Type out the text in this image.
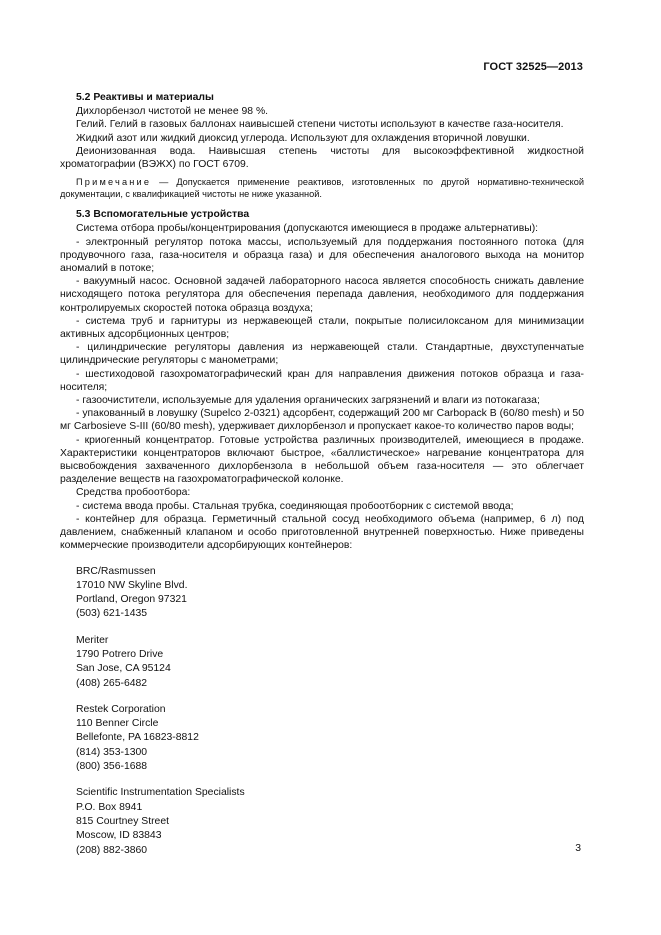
ГОСТ 32525—2013
5.2 Реактивы и материалы

Дихлорбензол чистотой не менее 98 %.

Гелий. Гелий в газовых баллонах наивысшей степени чистоты используют в качестве газа-носителя.

Жидкий азот или жидкий диоксид углерода. Используют для охлаждения вторичной ловушки.

Деионизованная вода. Наивысшая степень чистоты для высокоэффективной жидкостной хроматографии (ВЭЖХ) по ГОСТ 6709.

Примечание — Допускается применение реактивов, изготовленных по другой нормативно-технической документации, с квалификацией чистоты не ниже указанной.

5.3 Вспомогательные устройства

Система отбора пробы/концентрирования (допускаются имеющиеся в продаже альтернативы):

- электронный регулятор потока массы, используемый для поддержания постоянного потока (для продувочного газа, газа-носителя и образца газа) и для обеспечения аналогового выхода на монитор аномалий в потоке;

- вакуумный насос. Основной задачей лабораторного насоса является способность снижать давление нисходящего потока регулятора для обеспечения перепада давления, необходимого для поддержания контролируемых скоростей потока образца воздуха;

- система труб и гарнитуры из нержавеющей стали, покрытые полисилоксаном для минимизации активных адсорбционных центров;

- цилиндрические регуляторы давления из нержавеющей стали. Стандартные, двухступенчатые цилиндрические регуляторы с манометрами;

- шестиходовой газохроматографический кран для направления движения потоков образца и газа-носителя;

- газоочистители, используемые для удаления органических загрязнений и влаги из потокагаза;

- упакованный в ловушку (Supelco 2-0321) адсорбент, содержащий 200 мг Carbopack B (60/80 mesh) и 50 мг Carbosieve S-III (60/80 mesh), удерживает дихлорбензол и пропускает какое-то количество паров воды;

- криогенный концентратор. Готовые устройства различных производителей, имеющиеся в продаже. Характеристики концентраторов включают быстрое, «баллистическое» нагревание концентратора для высвобождения захваченного дихлорбензола в небольшой объем газа-носителя — это облегчает разделение веществ на газохроматографической колонке.

Средства пробоотбора:

- система ввода пробы. Стальная трубка, соединяющая пробоотборник с системой ввода;

- контейнер для образца. Герметичный стальной сосуд необходимого объема (например, 6 л) под давлением, снабженный клапаном и особо приготовленной внутренней поверхностью. Ниже приведены коммерческие производители адсорбирующих контейнеров:

BRC/Rasmussen
17010 NW Skyline Blvd.
Portland, Oregon 97321
(503) 621-1435
Meriter
1790 Potrero Drive
San Jose, CA 95124
(408) 265-6482
Restek Corporation
110 Benner Circle
Bellefonte, PA 16823-8812
(814) 353-1300
(800) 356-1688
Scientific Instrumentation Specialists
P.O. Box 8941
815 Courtney Street
Moscow, ID 83843
(208) 882-3860	3
